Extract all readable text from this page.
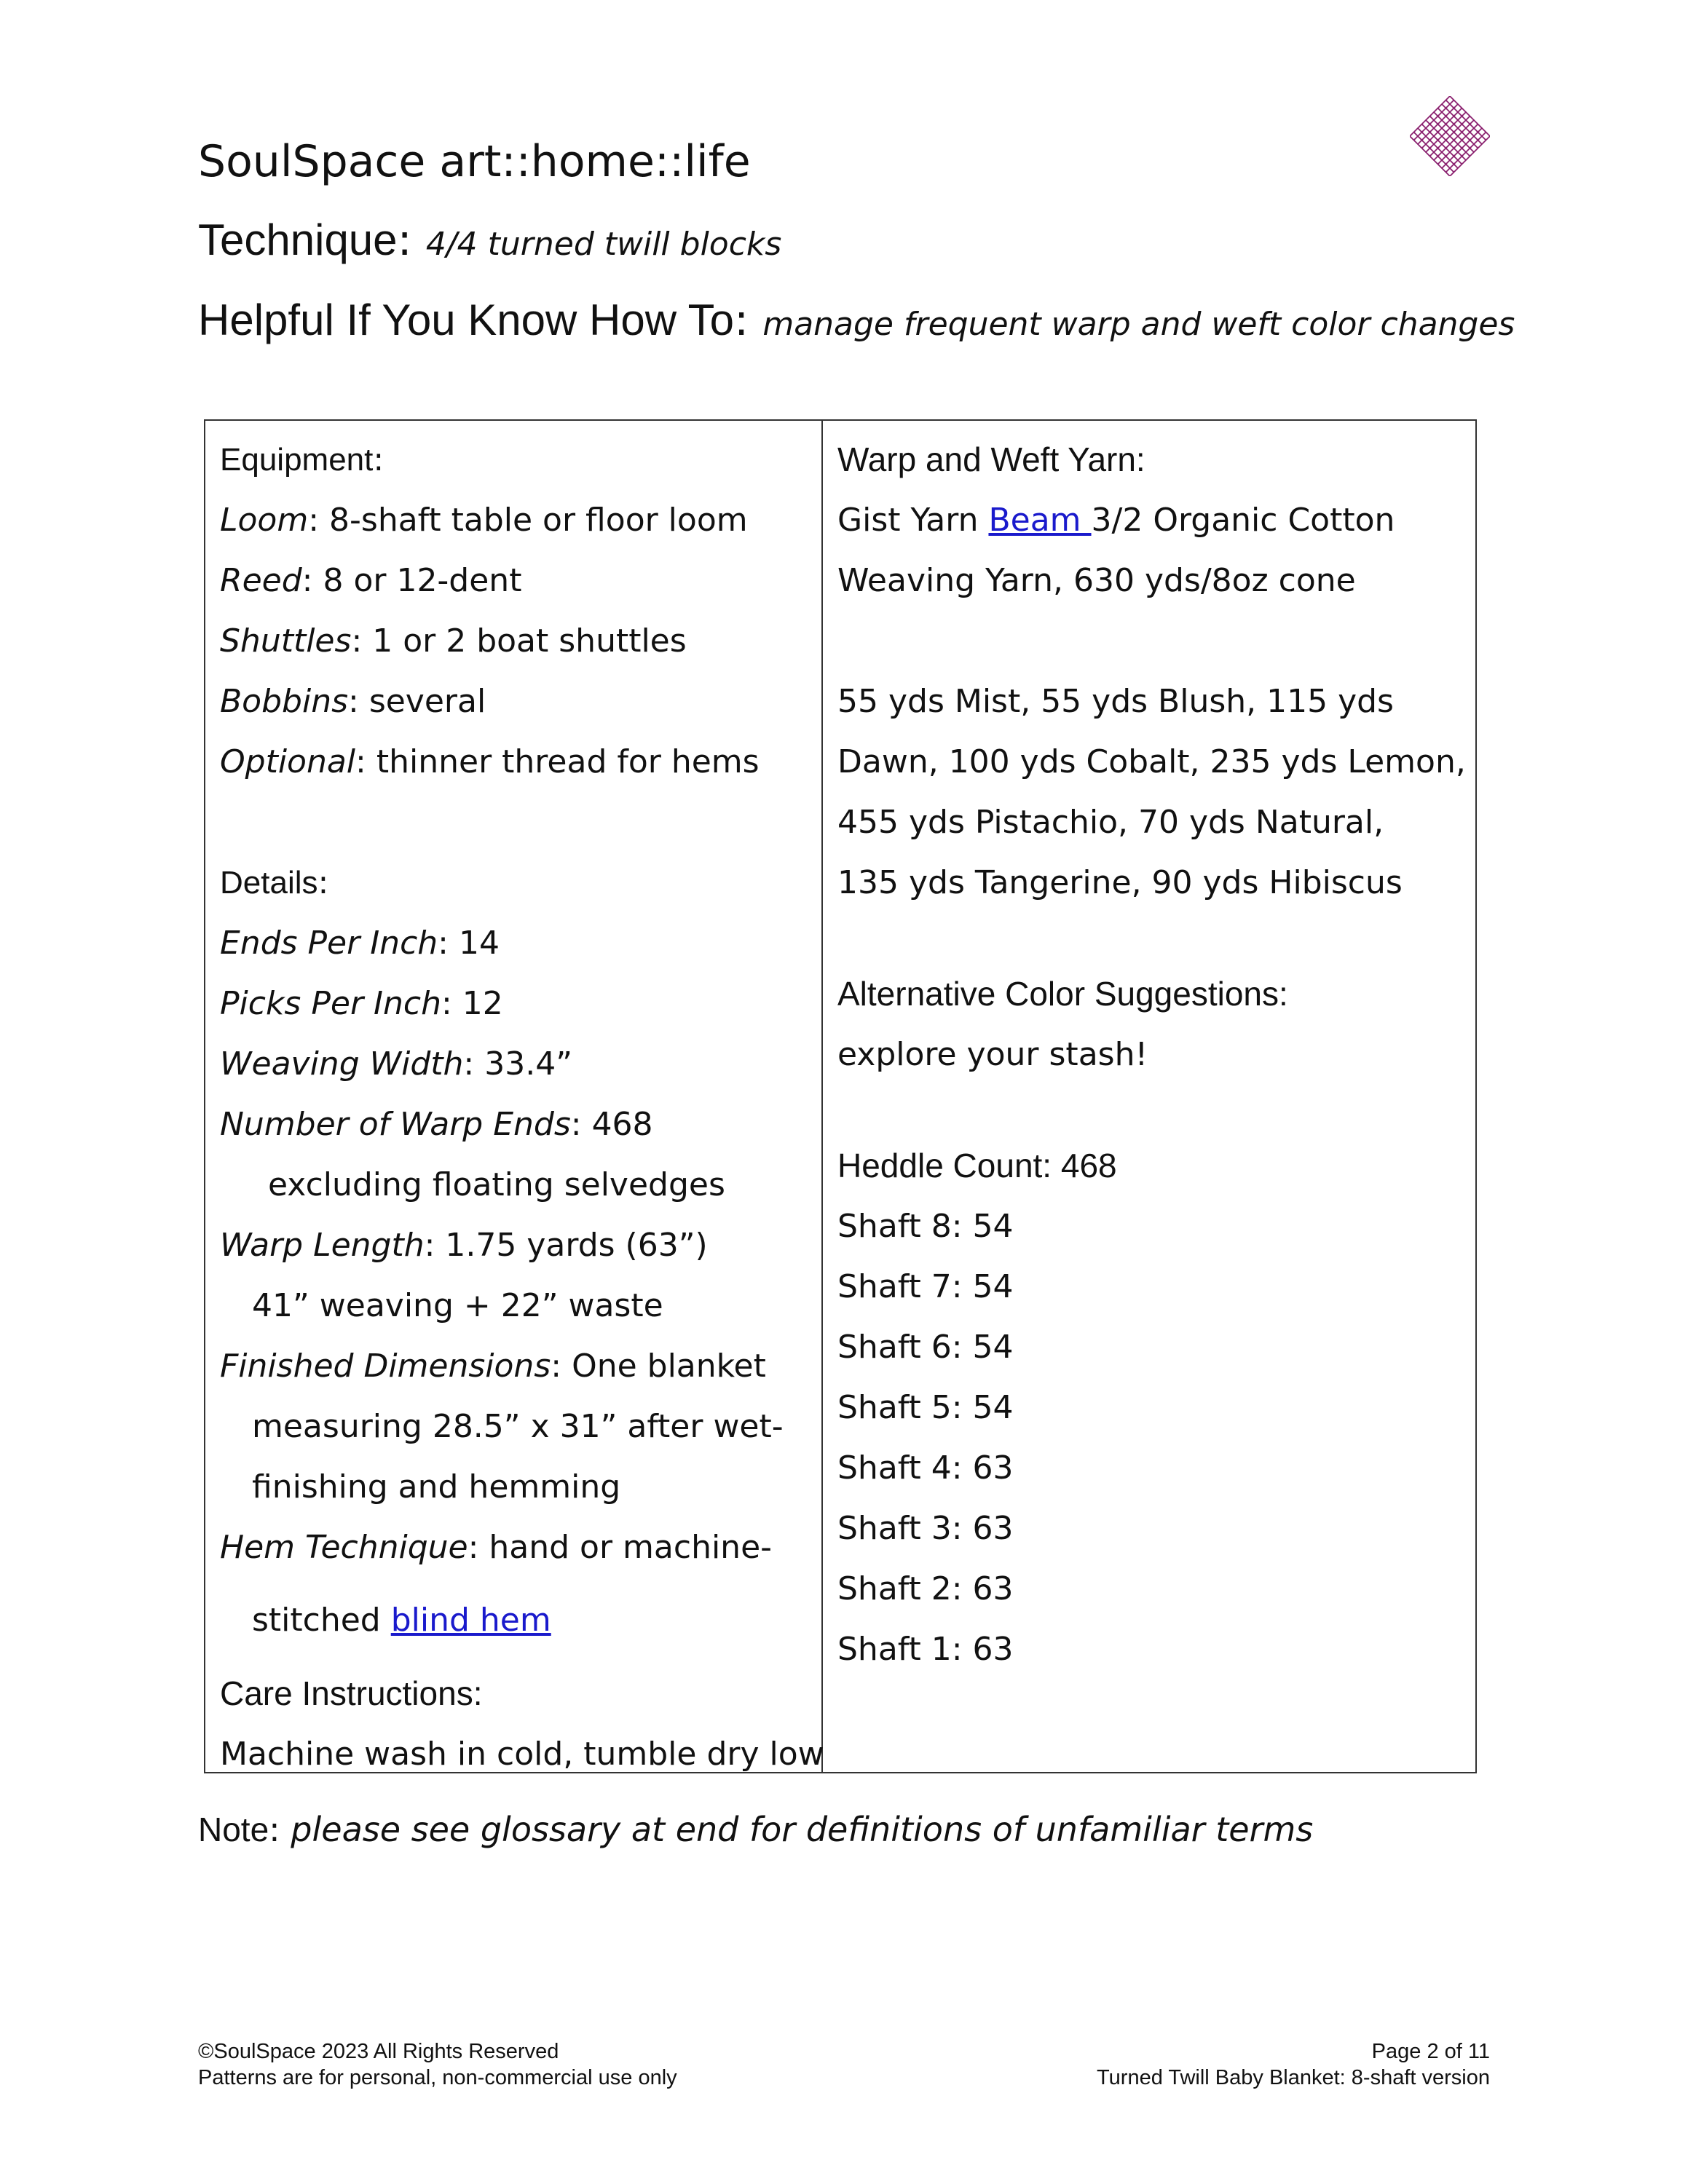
SoulSpace art::home::life
Technique: 4/4 turned twill blocks
Helpful If You Know How To: manage frequent warp and weft color changes
Equipment:
Loom: 8-shaft table or floor loom
Reed: 8 or 12-dent
Shuttles: 1 or 2 boat shuttles
Bobbins: several
Optional: thinner thread for hems
Details:
Ends Per Inch: 14
Picks Per Inch: 12
Weaving Width: 33.4”
Number of Warp Ends: 468
excluding floating selvedges
Warp Length: 1.75 yards (63”)
41” weaving + 22” waste
Finished Dimensions: One blanket
measuring 28.5” x 31” after wet-
finishing and hemming
Hem Technique: hand or machine-
stitched blind hem
Care Instructions:
Machine wash in cold, tumble dry low
Warp and Weft Yarn:
Gist Yarn Beam 3/2 Organic Cotton
Weaving Yarn, 630 yds/8oz cone
55 yds Mist, 55 yds Blush, 115 yds
Dawn, 100 yds Cobalt, 235 yds Lemon,
455 yds Pistachio, 70 yds Natural,
135 yds Tangerine, 90 yds Hibiscus
Alternative Color Suggestions:
explore your stash!
Heddle Count: 468
Shaft 8: 54
Shaft 7: 54
Shaft 6: 54
Shaft 5: 54
Shaft 4: 63
Shaft 3: 63
Shaft 2: 63
Shaft 1: 63
Note: please see glossary at end for definitions of unfamiliar terms
©SoulSpace 2023 All Rights Reserved
Patterns are for personal, non-commercial use only
Page 2 of 11
Turned Twill Baby Blanket: 8-shaft version
